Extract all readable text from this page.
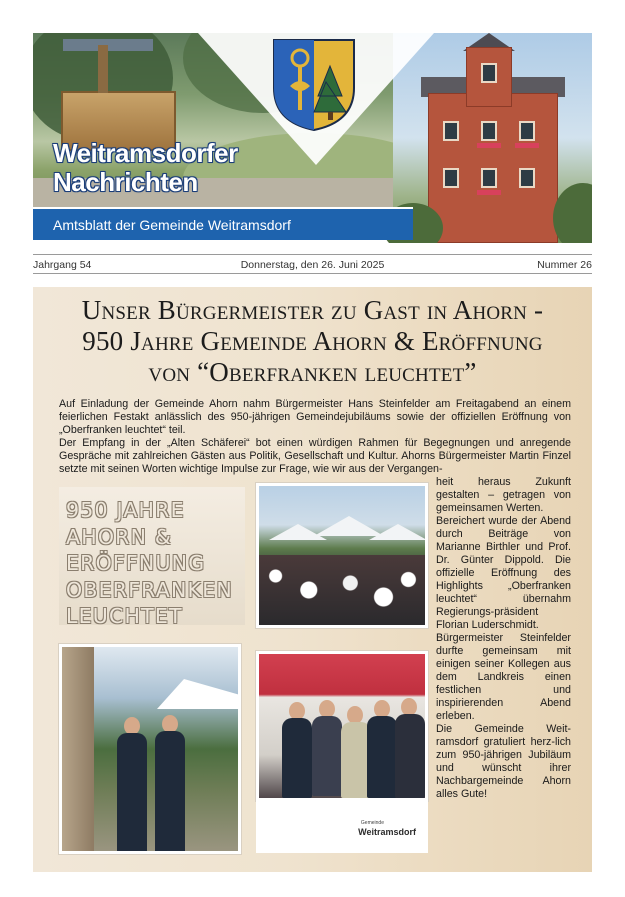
Weitramsdorfer
Nachrichten
Amtsblatt der Gemeinde Weitramsdorf
Donnerstag, den 26. Juni 2025
Jahrgang 54	Nummer 26
Unser Bürgermeister zu Gast in Ahorn -
950 Jahre Gemeinde Ahorn & Eröffnung
von “Oberfranken leuchtet”

Auf Einladung der Gemeinde Ahorn nahm Bürgermeister Hans Steinfelder am Freitagabend an einem feierlichen Festakt anlässlich des 950-jährigen Gemeindejubiläums sowie der offiziellen Eröffnung von „Oberfranken leuchtet“ teil.

Der Empfang in der „Alten Schäferei“ bot einen würdigen Rahmen für Begegnungen und anregende Gespräche mit zahlreichen Gästen aus Politik, Gesellschaft und Kultur. Ahorns Bürgermeister Martin Finzel setzte mit seinen Worten wichtige Impulse zur Frage, wie wir aus der Vergangen-

950 JAHRE
AHORN &
ERÖFFNUNG
OBERFRANKEN
LEUCHTET
Gemeinde
Weitramsdorf

heit heraus Zukunft gestalten – getragen von gemeinsamen Werten.

Bereichert wurde der Abend durch Beiträge von Marianne Birthler und Prof. Dr. Günter Dippold. Die offizielle Eröffnung des Highlights „Oberfranken leuchtet“ übernahm Regierungs-präsident Florian Luderschmidt.

Bürgermeister Steinfelder durfte gemeinsam mit einigen seiner Kollegen aus dem Landkreis einen festlichen und inspirierenden Abend erleben.

Die Gemeinde Weit-ramsdorf gratuliert herz-lich zum 950-jährigen Jubiläum und wünscht ihrer Nachbargemeinde Ahorn alles Gute!
